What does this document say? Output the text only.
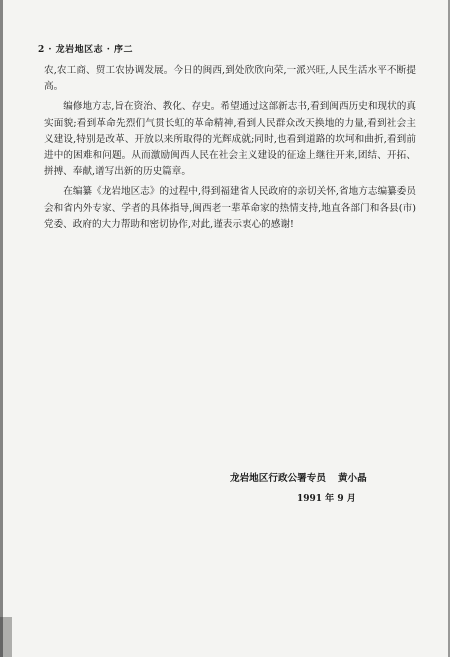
2 · 龙岩地区志 · 序二

农,农工商、贸工农协调发展。今日的闽西,到处欣欣向荣,一派兴旺,人民生活水平不断提高。

编修地方志,旨在资治、教化、存史。希望通过这部新志书,看到闽西历史和现状的真实面貌;看到革命先烈们气贯长虹的革命精神,看到人民群众改天换地的力量,看到社会主义建设,特别是改革、开放以来所取得的光辉成就;同时,也看到道路的坎坷和曲折,看到前进中的困难和问题。从而激励闽西人民在社会主义建设的征途上继往开来,团结、开拓、拼搏、奉献,谱写出新的历史篇章。

在编纂《龙岩地区志》的过程中,得到福建省人民政府的亲切关怀,省地方志编纂委员会和省内外专家、学者的具体指导,闽西老一辈革命家的热情支持,地直各部门和各县(市)党委、政府的大力帮助和密切协作,对此,谨表示衷心的感谢!

龙岩地区行政公署专员 黄小晶
1991 年 9 月
